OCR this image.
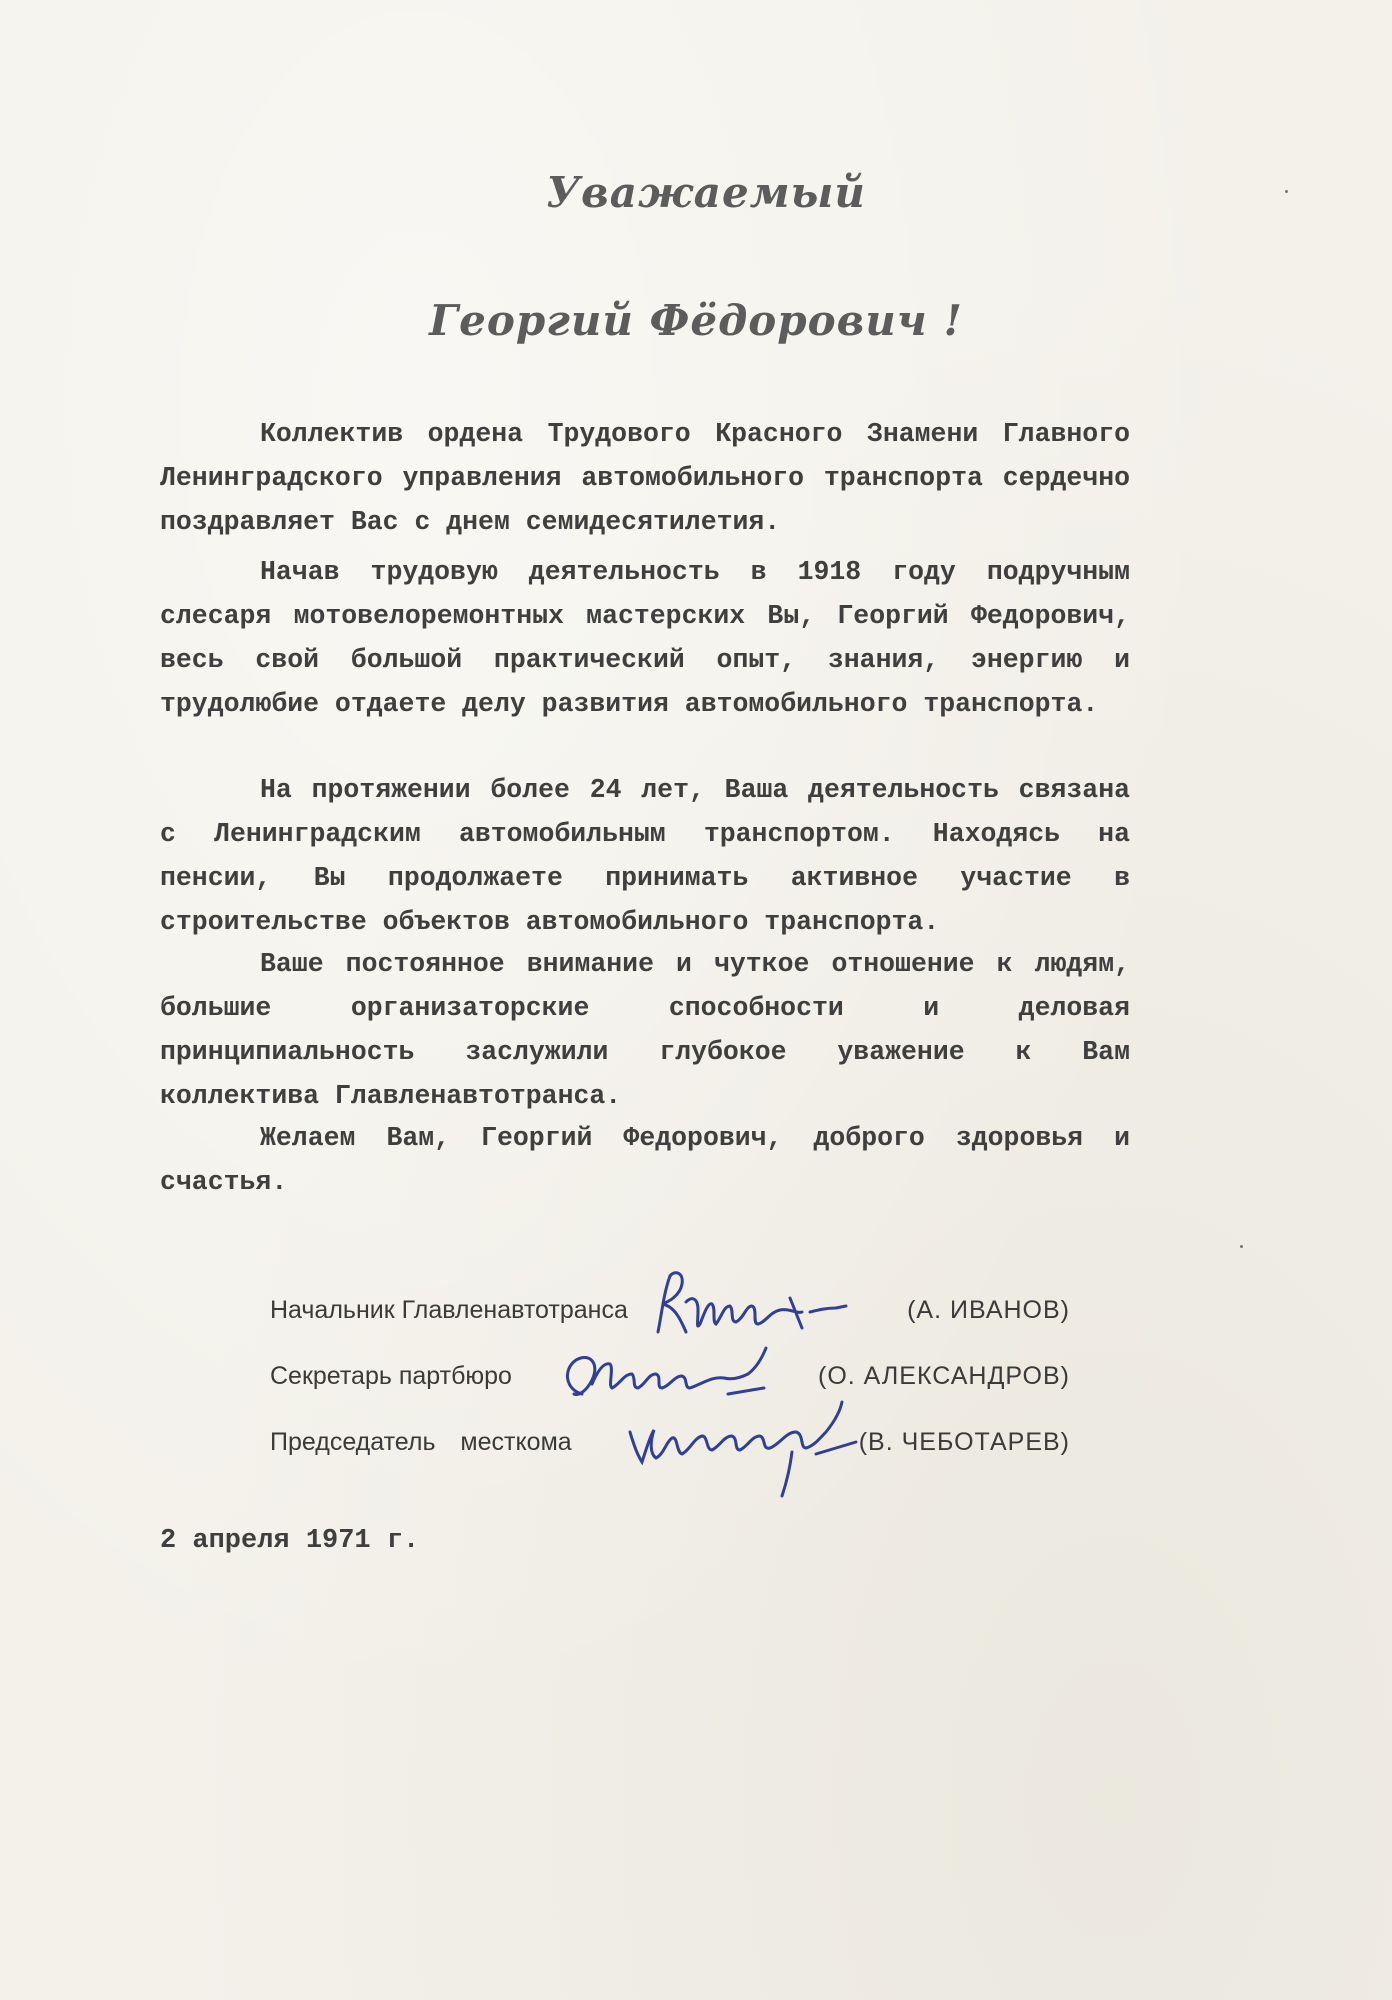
Уважаемый
Георгий Фёдорович !

Коллектив ордена Трудового Красного Знамени Главного Ленинградского управления автомобильного транспорта сердечно поздравляет Вас с днем семидесятилетия.

Начав трудовую деятельность в 1918 году подручным слесаря мотовелоремонтных мастерских Вы, Георгий Федорович, весь свой большой практический опыт, знания, энергию и трудолюбие отдаете делу развития автомобильного транспорта.

На протяжении более 24 лет, Ваша деятельность связана с Ленинградским автомобильным транспортом. Находясь на пенсии, Вы продолжаете принимать активное участие в строительстве объектов автомобильного транспорта.

Ваше постоянное внимание и чуткое отношение к людям, большие организаторские способности и деловая принципиальность заслужили глубокое уважение к Вам коллектива Главленавтотранса.

Желаем Вам, Георгий Федорович, доброго здоровья и счастья.

Начальник Главленавтотранса	(А. ИВАНОВ)
Секретарь партбюро	(О. АЛЕКСАНДРОВ)
Председатель месткома	(В. ЧЕБОТАРЕВ)
2 апреля 1971 г.
